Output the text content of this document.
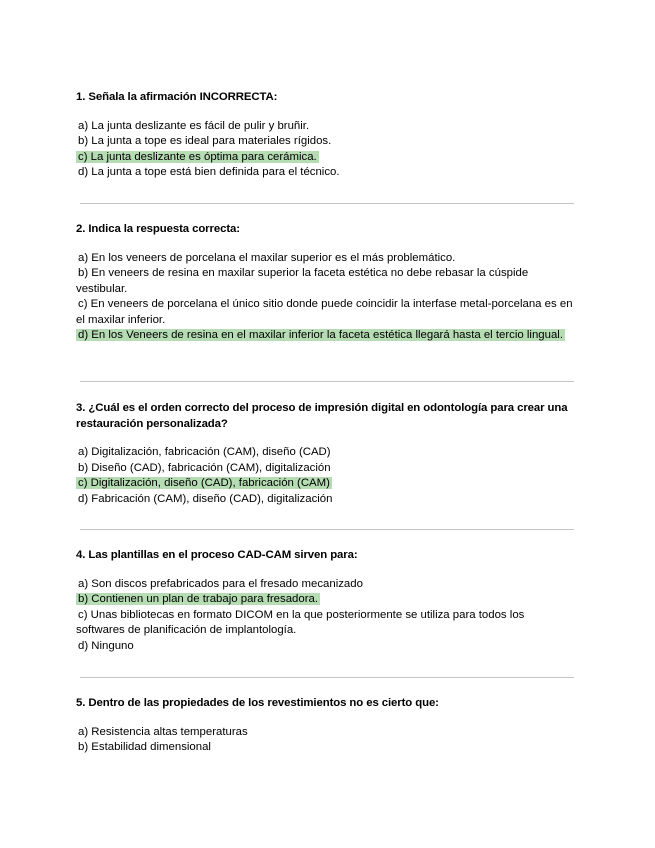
1. Señala la afirmación INCORRECTA:
a) La junta deslizante es fácil de pulir y bruñir.
b) La junta a tope es ideal para materiales rígidos.
c) La junta deslizante es óptima para cerámica.
d) La junta a tope está bien definida para el técnico.
2. Indica la respuesta correcta:
a) En los veneers de porcelana el maxilar superior es el más problemático.
b) En veneers de resina en maxilar superior la faceta estética no debe rebasar la cúspide vestibular.
c) En veneers de porcelana el único sitio donde puede coincidir la interfase metal-porcelana es en el maxilar inferior.
d) En los Veneers de resina en el maxilar inferior la faceta estética llegará hasta el tercio lingual.
3. ¿Cuál es el orden correcto del proceso de impresión digital en odontología para crear una restauración personalizada?
a) Digitalización, fabricación (CAM), diseño (CAD)
b) Diseño (CAD), fabricación (CAM), digitalización
c) Digitalización, diseño (CAD), fabricación (CAM)
d) Fabricación (CAM), diseño (CAD), digitalización
4. Las plantillas en el proceso CAD-CAM sirven para:
a) Son discos prefabricados para el fresado mecanizado
b) Contienen un plan de trabajo para fresadora.
c) Unas bibliotecas en formato DICOM en la que posteriormente se utiliza para todos los softwares de planificación de implantología.
d) Ninguno
5. Dentro de las propiedades de los revestimientos no es cierto que:
a) Resistencia altas temperaturas
b) Estabilidad dimensional
